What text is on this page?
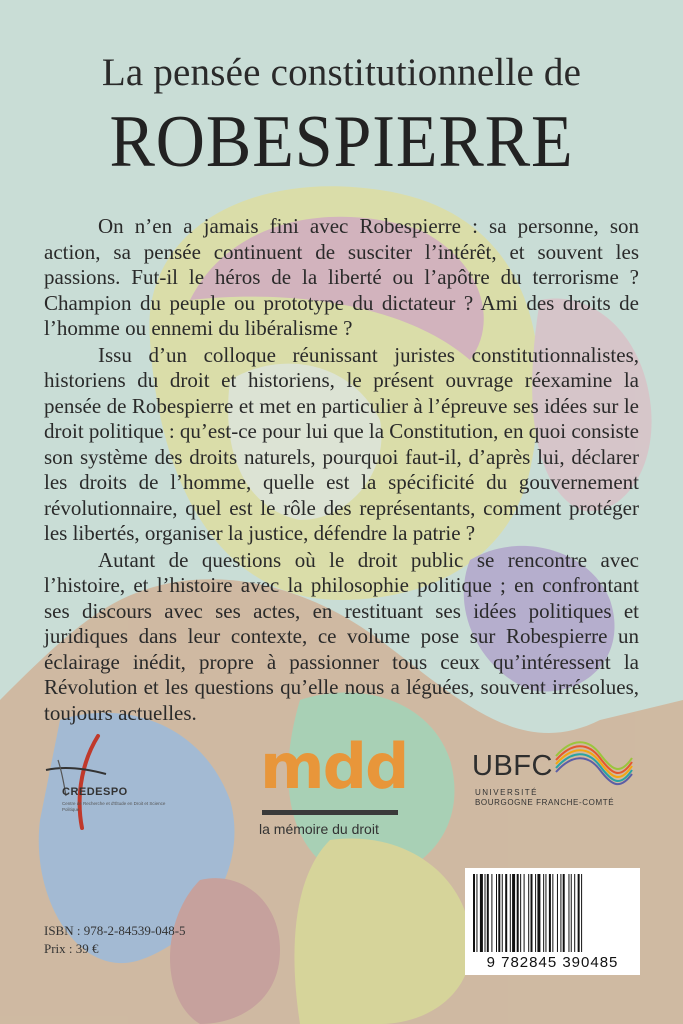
La pensée constitutionnelle de
ROBESPIERRE

On n’en a jamais fini avec Robespierre : sa personne, son action, sa pensée continuent de susciter l’intérêt, et souvent les passions. Fut-il le héros de la liberté ou l’apôtre du terrorisme ? Champion du peuple ou prototype du dictateur ? Ami des droits de l’homme ou ennemi du libéralisme ?

Issu d’un colloque réunissant juristes constitutionnalistes, historiens du droit et historiens, le présent ouvrage réexamine la pensée de Robespierre et met en particulier à l’épreuve ses idées sur le droit politique : qu’est-ce pour lui que la Constitution, en quoi consiste son système des droits naturels, pourquoi faut-il, d’après lui, déclarer les droits de l’homme, quelle est la spécificité du gouvernement révolutionnaire, quel est le rôle des représentants, comment protéger les libertés, organiser la justice, défendre la patrie ?

Autant de questions où le droit public se rencontre avec l’histoire, et l’histoire avec la philosophie politique ; en confrontant ses discours avec ses actes, en restituant ses idées politiques et juridiques dans leur contexte, ce volume pose sur Robespierre un éclairage inédit, propre à passionner tous ceux qu’intéressent la Révolution et les questions qu’elle nous a léguées, souvent irrésolues, toujours actuelles.

CREDESPO
Centre de Recherche et d'Étude en Droit et Science Politique
mdd
la mémoire du droit
UBFC
UNIVERSITÉ
BOURGOGNE FRANCHE-COMTÉ
ISBN : 978-2-84539-048-5
Prix : 39 €
9 782845 390485
